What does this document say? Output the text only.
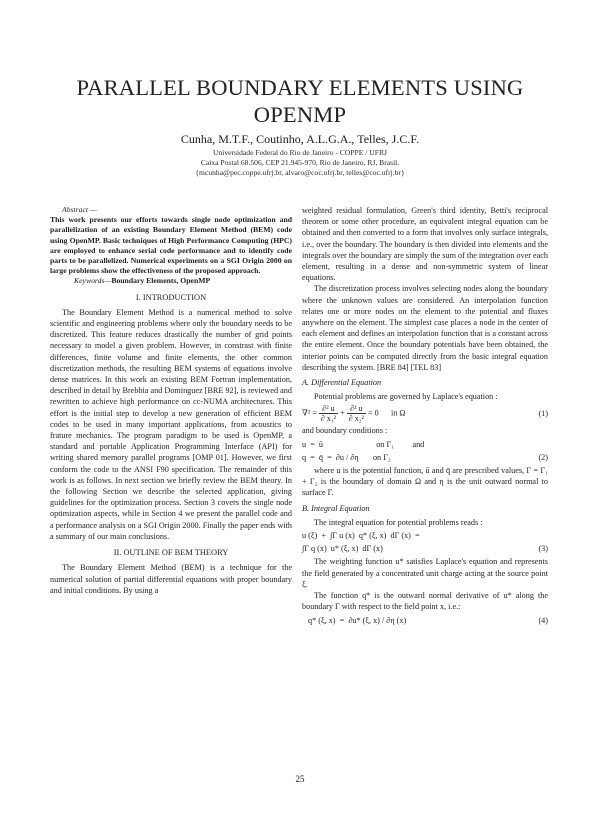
PARALLEL BOUNDARY ELEMENTS USING OPENMP
Cunha, M.T.F., Coutinho, A.L.G.A., Telles, J.C.F.
Universidade Federal do Rio de Janeiro - COPPE / UFRJ
Caixa Postal 68.506, CEP 21.945-970, Rio de Janeiro, RJ, Brasil.
{mcunha@pec.coppe.ufrj.br, alvaro@coc.ufrj.br, telles@coc.ufrj.br}

Abstract —
This work presents our efforts towards single node optimization and parallelization of an existing Boundary Element Method (BEM) code using OpenMP. Basic techniques of High Performance Computing (HPC) are employed to enhance serial code performance and to identify code parts to be parallelized. Numerical experiments on a SGI Origin 2000 on large problems show the effectiveness of the proposed approach.

Keywords—Boundary Elements, OpenMP

I. INTRODUCTION

The Boundary Element Method is a numerical method to solve scientific and engineering problems where only the boundary needs to be discretized. This feature reduces drastically the number of grid points necessary to model a given problem. However, in constrast with finite differences, finite volume and finite elements, the other common discretization methods, the resulting BEM systems of equations involve dense matrices. In this work an existing BEM Fortran implementation, described in detail by Brebbia and Dominguez [BRE 92], is reviewed and rewritten to achieve high performance on cc-NUMA architectures. This effort is the initial step to develop a new generation of efficient BEM codes to be used in many important applications, from acoustics to frature mechanics. The program paradigm to be used is OpenMP, a standard and portable Application Programming Interface (API) for writing shared memory parallel programs [OMP 01]. However, we first conform the code to the ANSI F90 specification. The remainder of this work is as follows. In next section we briefly review the BEM theory. In the following Section we describe the selected application, giving guidelines for the optimization process. Section 3 covers the single node optimization aspects, while in Section 4 we present the parallel code and a performance analysis on a SGI Origin 2000. Finally the paper ends with a summary of our main conclusions.

II. OUTLINE OF BEM THEORY

The Boundary Element Method (BEM) is a technique for the numerical solution of partial differential equations with proper boundary and initial conditions. By using a

weighted residual formulation, Green's third identity, Betti's reciprocal theorem or some other procedure, an equivalent integral equation can be obtained and then converted to a form that involves only surface integrals, i.e., over the boundary. The boundary is then divided into elements and the integrals over the boundary are simply the sum of the integration over each element, resulting in a dense and non-symmetric system of linear equations.

The discretization process involves selecting nodes along the boundary where the unknown values are considered. An interpolation function relates one or more nodes on the element to the potential and fluxes anywhere on the element. The simplest case places a node in the center of each element and defines an interpolation function that is a constant across the entire element. Once the boundary potentials have been obtained, the interior points can be computed directly from the basic integral equation describing the system. [BRE 84] [TEL 83]

A. Differential Equation

Potential problems are governed by Laplace's equation :

$\nabla^2 = \frac{\text{∂² u}}{\text{∂ x₁²}} + \frac{\text{∂² u}}{\text{∂ x₂²}} = 0$      in Ω	(1)

and boundary conditions :

u  =  ū                          on Γ₁         and
q  =  q̄  =  ∂u / ∂η       on Γ₂	(2)

where u is the potential function, ū and q̄ are prescribed values, Γ = Γ₁ + Γ₂ is the boundary of domain Ω and η is the unit outward normal to surface Γ.

B. Integral Equation

The integral equation for potential problems reads :

u (ξ)  +  ∫Γ u (x)  q* (ξ, x)  dΓ (x)  =
∫Γ q (x)  u* (ξ, x)  dΓ (x)	(3)

The weighting function u* satisfies Laplace's equation and represents the field generated by a concentrated unit charge acting at the source point ξ.

The function q* is the outward normal derivative of u* along the boundary Γ with respect to the field point x, i.e.:

q* (ξ, x)  =  ∂u* (ξ, x) / ∂η (x)	(4)
25
